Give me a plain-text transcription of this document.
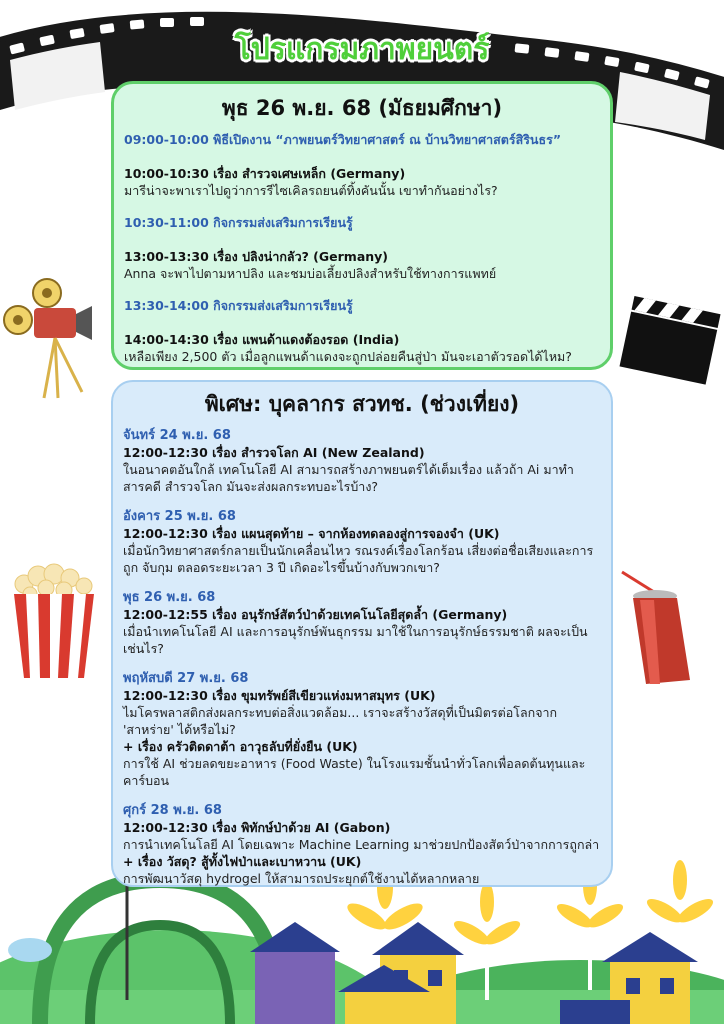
โปรแกรมภาพยนตร์
พุธ 26 พ.ย. 68 (มัธยมศึกษา)
09:00-10:00 พิธีเปิดงาน “ภาพยนตร์วิทยาศาสตร์ ณ บ้านวิทยาศาสตร์สิรินธร”
10:00-10:30 เรื่อง สำรวจเศษเหล็ก (Germany)
มารีน่าจะพาเราไปดูว่าการรีไซเคิลรถยนต์ทิ้งคันนั้น เขาทำกันอย่างไร?
10:30-11:00 กิจกรรมส่งเสริมการเรียนรู้
13:00-13:30 เรื่อง ปลิงน่ากลัว? (Germany)
Anna จะพาไปตามหาปลิง และชมบ่อเลี้ยงปลิงสำหรับใช้ทางการแพทย์
13:30-14:00 กิจกรรมส่งเสริมการเรียนรู้
14:00-14:30 เรื่อง แพนด้าแดงต้องรอด (India)
เหลือเพียง 2,500 ตัว เมื่อลูกแพนด้าแดงจะถูกปล่อยคืนสู่ป่า มันจะเอาตัวรอดได้ไหม?
พิเศษ: บุคลากร สวทช. (ช่วงเที่ยง)
จันทร์ 24 พ.ย. 68
12:00-12:30 เรื่อง สำรวจโลก AI (New Zealand)
ในอนาคตอันใกล้ เทคโนโลยี AI สามารถสร้างภาพยนตร์ได้เต็มเรื่อง แล้วถ้า Ai มาทำสารคดี สำรวจโลก มันจะส่งผลกระทบอะไรบ้าง?
อังคาร 25 พ.ย. 68
12:00-12:30 เรื่อง แผนสุดท้าย – จากห้องทดลองสู่การจองจำ (UK)
เมื่อนักวิทยาศาสตร์กลายเป็นนักเคลื่อนไหว รณรงค์เรื่องโลกร้อน เสี่ยงต่อชื่อเสียงและการถูก จับกุม ตลอดระยะเวลา 3 ปี เกิดอะไรขึ้นบ้างกับพวกเขา?
พุธ 26 พ.ย. 68
12:00-12:55 เรื่อง อนุรักษ์สัตว์ป่าด้วยเทคโนโลยีสุดล้ำ (Germany)
เมื่อนำเทคโนโลยี AI และการอนุรักษ์พันธุกรรม มาใช้ในการอนุรักษ์ธรรมชาติ ผลจะเป็นเช่นไร?
พฤหัสบดี 27 พ.ย. 68
12:00-12:30 เรื่อง ขุมทรัพย์สีเขียวแห่งมหาสมุทร (UK)
ไมโครพลาสติกส่งผลกระทบต่อสิ่งแวดล้อม... เราจะสร้างวัสดุที่เป็นมิตรต่อโลกจาก 'สาหร่าย' ได้หรือไม่?
+ เรื่อง ครัวติดดาต้า อาวุธลับที่ยั่งยืน (UK)
การใช้ AI ช่วยลดขยะอาหาร (Food Waste) ในโรงแรมชั้นนำทั่วโลกเพื่อลดต้นทุนและคาร์บอน
ศุกร์ 28 พ.ย. 68
12:00-12:30 เรื่อง พิทักษ์ป่าด้วย AI (Gabon)
การนำเทคโนโลยี AI โดยเฉพาะ Machine Learning มาช่วยปกป้องสัตว์ป่าจากการถูกล่า
+ เรื่อง วัสดุ? สู้ทั้งไฟป่าและเบาหวาน (UK)
การพัฒนาวัสดุ hydrogel ให้สามารถประยุกต์ใช้งานได้หลากหลาย
